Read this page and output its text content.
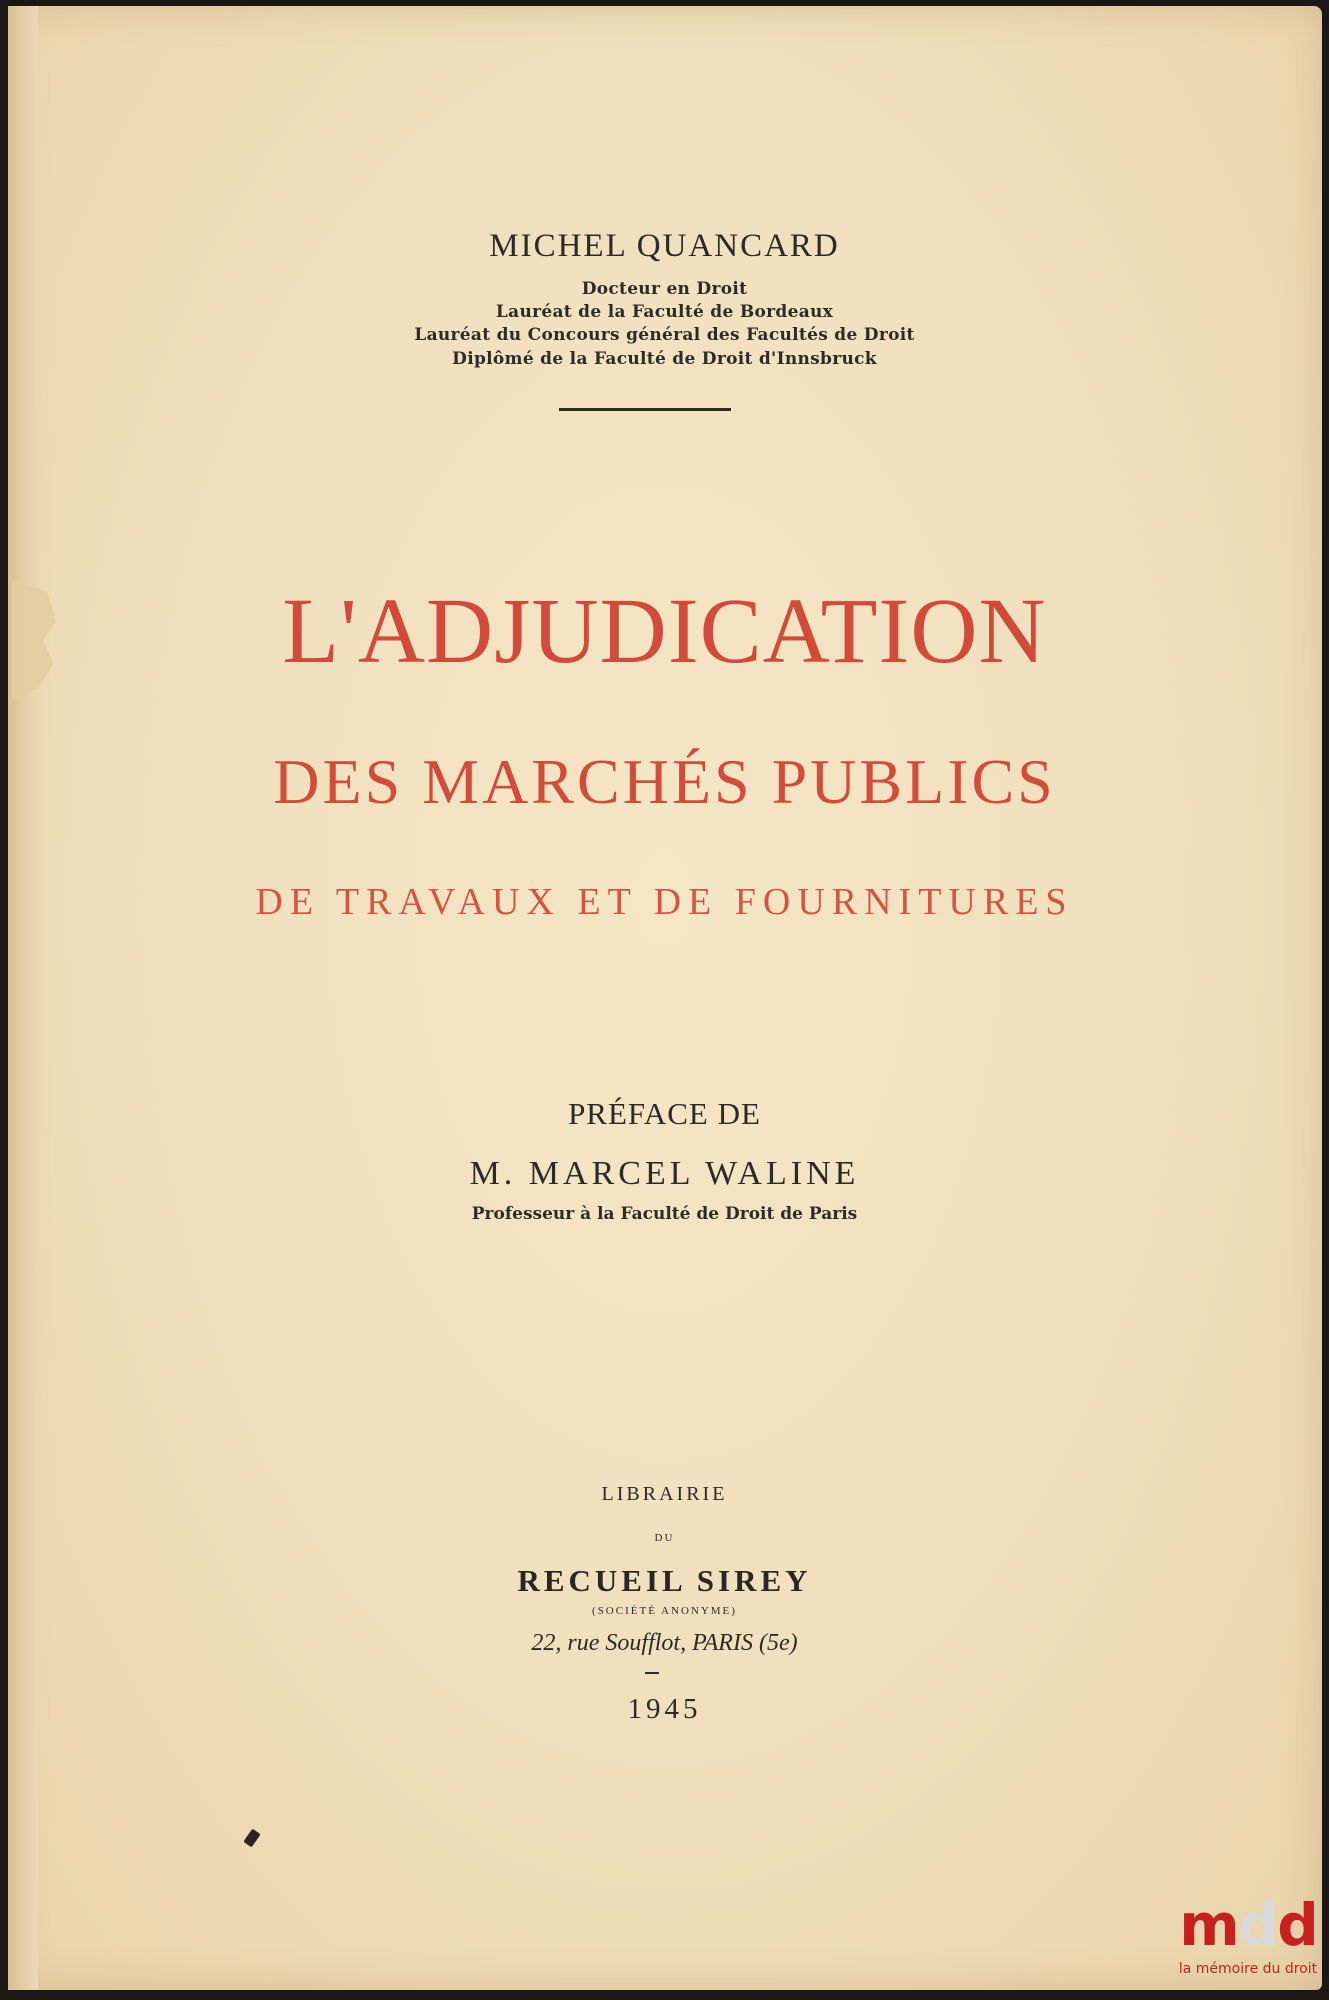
MICHEL QUANCARD
Docteur en Droit
Lauréat de la Faculté de Bordeaux
Lauréat du Concours général des Facultés de Droit
Diplômé de la Faculté de Droit d'Innsbruck
L'ADJUDICATION
DES MARCHÉS PUBLICS
DE TRAVAUX ET DE FOURNITURES
PRÉFACE DE
M. MARCEL WALINE
Professeur à la Faculté de Droit de Paris
LIBRAIRIE
DU
RECUEIL SIREY
(SOCIÉTÉ ANONYME)
22, rue Soufflot, PARIS (5e)
1945
mdd
la mémoire du droit
